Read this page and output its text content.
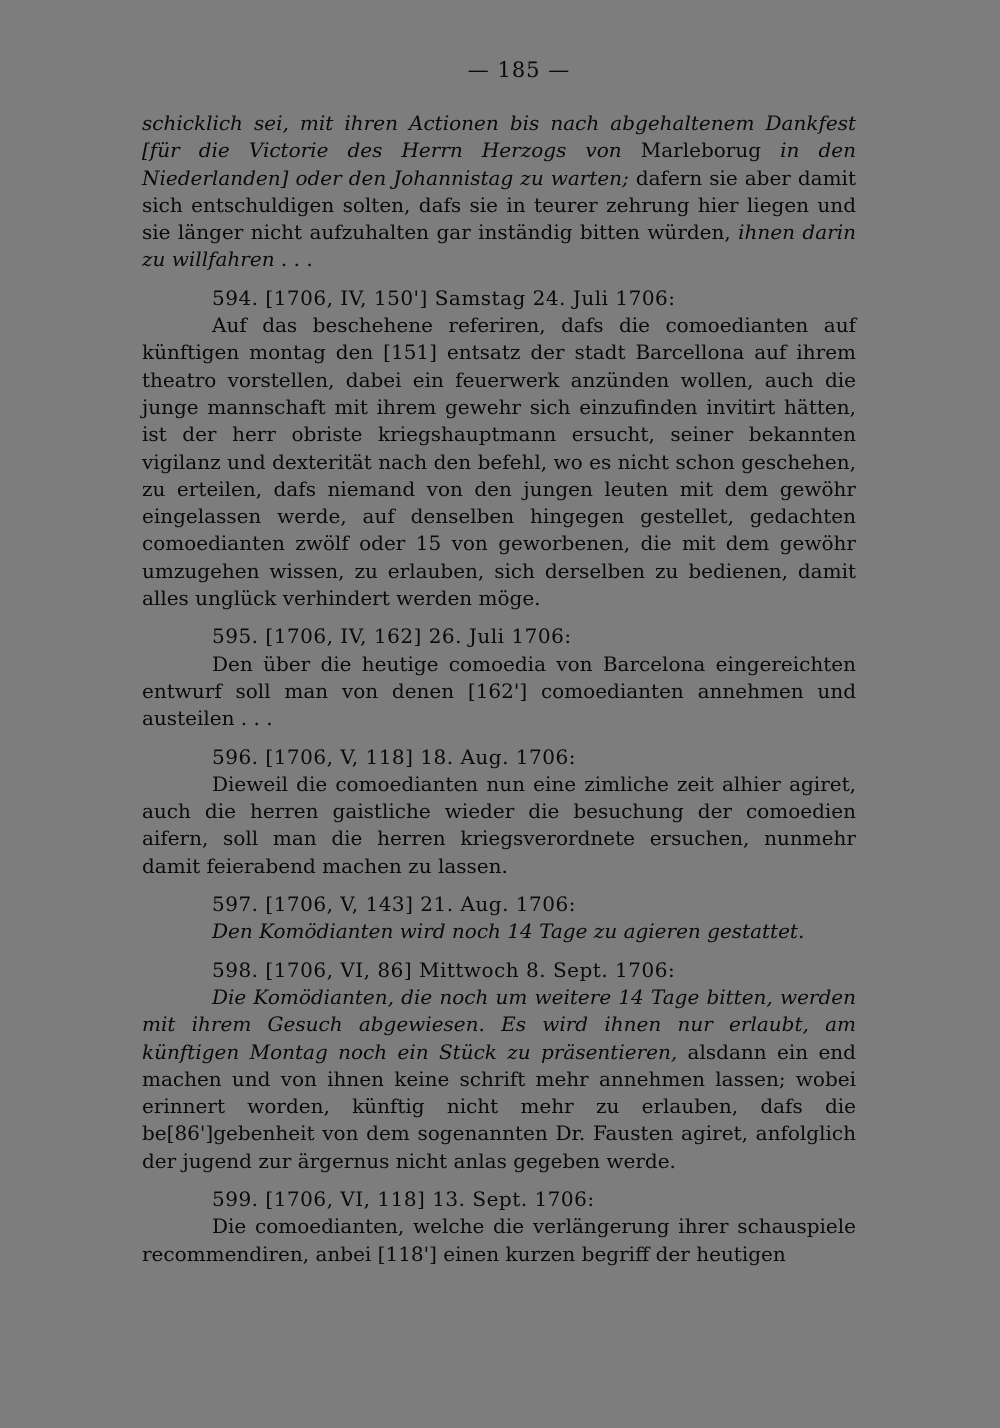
— 185 —

schicklich sei, mit ihren Actionen bis nach abgehaltenem Dankfest [für die Victorie des Herrn Herzogs von Marleborug in den Niederlanden] oder den Johannistag zu warten; dafern sie aber damit sich entschuldigen solten, dafs sie in teurer zehrung hier liegen und sie länger nicht aufzuhalten gar inständig bitten würden, ihnen darin zu willfahren . . .

594. [1706, IV, 150'] Samstag 24. Juli 1706:

Auf das beschehene referiren, dafs die comoedianten auf künftigen montag den [151] entsatz der stadt Barcellona auf ihrem theatro vorstellen, dabei ein feuerwerk anzünden wollen, auch die junge mannschaft mit ihrem gewehr sich einzufinden invitirt hätten, ist der herr obriste kriegshauptmann ersucht, seiner bekannten vigilanz und dexterität nach den befehl, wo es nicht schon geschehen, zu erteilen, dafs niemand von den jungen leuten mit dem gewöhr eingelassen werde, auf denselben hingegen gestellet, gedachten comoedianten zwölf oder 15 von geworbenen, die mit dem gewöhr umzugehen wissen, zu erlauben, sich derselben zu bedienen, damit alles unglück verhindert werden möge.

595. [1706, IV, 162] 26. Juli 1706:

Den über die heutige comoedia von Barcelona eingereichten entwurf soll man von denen [162'] comoedianten annehmen und austeilen . . .

596. [1706, V, 118] 18. Aug. 1706:

Dieweil die comoedianten nun eine zimliche zeit alhier agiret, auch die herren gaistliche wieder die besuchung der comoedien aifern, soll man die herren kriegsverordnete ersuchen, nunmehr damit feierabend machen zu lassen.

597. [1706, V, 143] 21. Aug. 1706:

Den Komödianten wird noch 14 Tage zu agieren gestattet.

598. [1706, VI, 86] Mittwoch 8. Sept. 1706:

Die Komödianten, die noch um weitere 14 Tage bitten, werden mit ihrem Gesuch abgewiesen. Es wird ihnen nur erlaubt, am künftigen Montag noch ein Stück zu präsentieren, alsdann ein end machen und von ihnen keine schrift mehr annehmen lassen; wobei erinnert worden, künftig nicht mehr zu erlauben, dafs die be[86']gebenheit von dem sogenannten Dr. Fausten agiret, anfolglich der jugend zur ärgernus nicht anlas gegeben werde.

599. [1706, VI, 118] 13. Sept. 1706:

Die comoedianten, welche die verlängerung ihrer schauspiele recommendiren, anbei [118'] einen kurzen begriff der heutigen
